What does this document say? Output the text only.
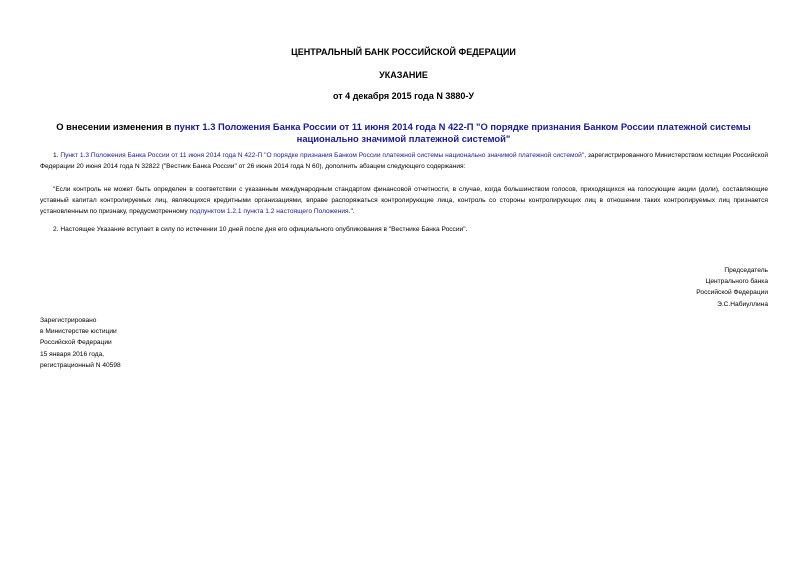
ЦЕНТРАЛЬНЫЙ БАНК РОССИЙСКОЙ ФЕДЕРАЦИИ

УКАЗАНИЕ

от 4 декабря 2015 года N 3880-У

О внесении изменения в пункт 1.3 Положения Банка России от 11 июня 2014 года N 422-П "О порядке признания Банком России платежной системы национально значимой платежной системой"

1. Пункт 1.3 Положения Банка России от 11 июня 2014 года N 422-П "О порядке признания Банком России платежной системы национально значимой платежной системой", зарегистрированного Министерством юстиции Российской Федерации 20 июня 2014 года N 32822 ("Вестник Банка России" от 26 июня 2014 года N 60), дополнить абзацем следующего содержания:

"Если контроль не может быть определен в соответствии с указанным международным стандартом финансовой отчетности, в случае, когда большинством голосов, приходящихся на голосующие акции (доли), составляющие уставный капитал контролируемых лиц, являющихся кредитными организациями, вправе распоряжаться контролирующие лица, контроль со стороны контролирующих лиц в отношении таких контролируемых лиц признается установленным по признаку, предусмотренному подпунктом 1.2.1 пункта 1.2 настоящего Положения.".

2. Настоящее Указание вступает в силу по истечении 10 дней после дня его официального опубликования в "Вестнике Банка России".

Председатель
Центрального банка
Российской Федерации
Э.С.Набиуллина
Зарегистрировано
в Министерстве юстиции
Российской Федерации
15 января 2016 года,
регистрационный N 40598
